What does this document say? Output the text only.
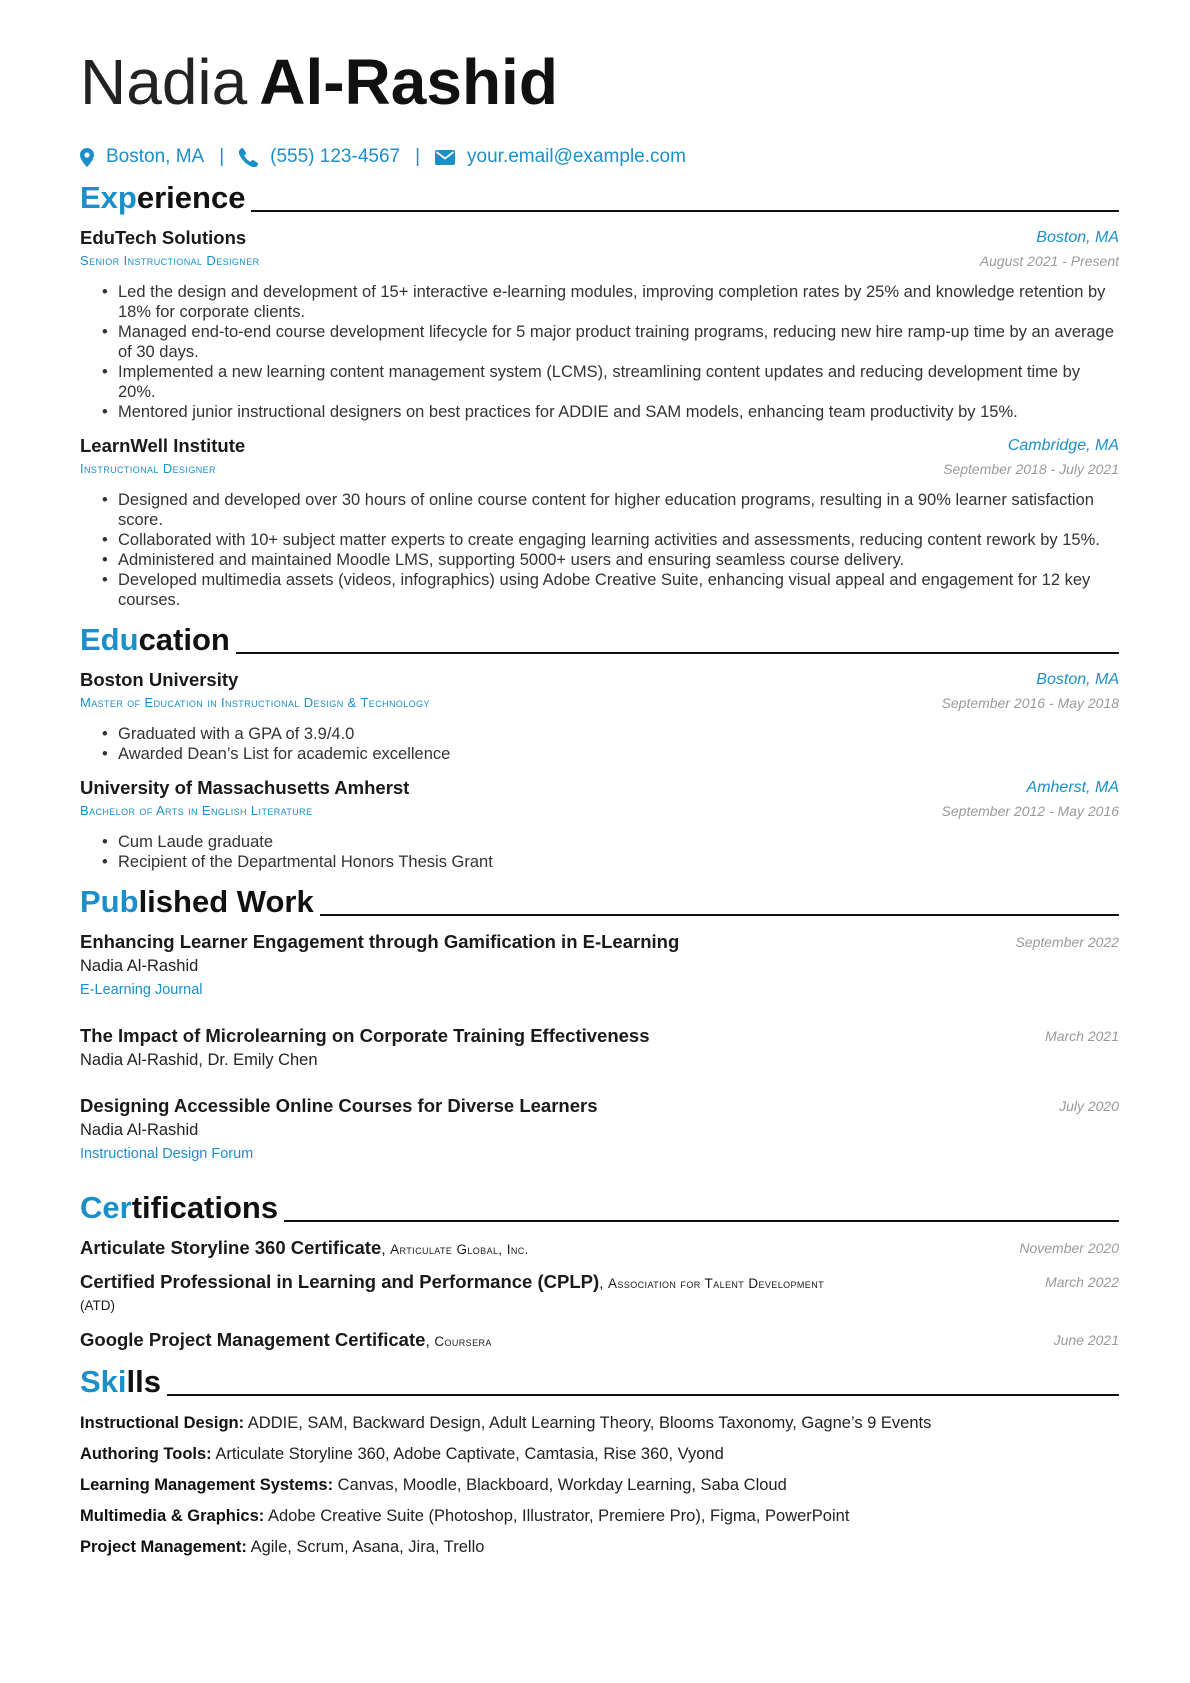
Nadia Al-Rashid
Boston, MA | (555) 123-4567 | your.email@example.com
Experience
EduTech Solutions
Senior Instructional Designer
Boston, MA
August 2021 - Present
• Led the design and development of 15+ interactive e-learning modules, improving completion rates by 25% and knowledge retention by 18% for corporate clients.
• Managed end-to-end course development lifecycle for 5 major product training programs, reducing new hire ramp-up time by an average of 30 days.
• Implemented a new learning content management system (LCMS), streamlining content updates and reducing development time by 20%.
• Mentored junior instructional designers on best practices for ADDIE and SAM models, enhancing team productivity by 15%.
LearnWell Institute
Instructional Designer
Cambridge, MA
September 2018 - July 2021
• Designed and developed over 30 hours of online course content for higher education programs, resulting in a 90% learner satisfaction score.
• Collaborated with 10+ subject matter experts to create engaging learning activities and assessments, reducing content rework by 15%.
• Administered and maintained Moodle LMS, supporting 5000+ users and ensuring seamless course delivery.
• Developed multimedia assets (videos, infographics) using Adobe Creative Suite, enhancing visual appeal and engagement for 12 key courses.
Education
Boston University
Master of Education in Instructional Design & Technology
Boston, MA
September 2016 - May 2018
• Graduated with a GPA of 3.9/4.0
• Awarded Dean’s List for academic excellence
University of Massachusetts Amherst
Bachelor of Arts in English Literature
Amherst, MA
September 2012 - May 2016
• Cum Laude graduate
• Recipient of the Departmental Honors Thesis Grant
Published Work
Enhancing Learner Engagement through Gamification in E-Learning
Nadia Al-Rashid
E-Learning Journal
September 2022
The Impact of Microlearning on Corporate Training Effectiveness
Nadia Al-Rashid, Dr. Emily Chen
March 2021
Designing Accessible Online Courses for Diverse Learners
Nadia Al-Rashid
Instructional Design Forum
July 2020
Certifications
Articulate Storyline 360 Certificate, Articulate Global, Inc.	November 2020
Certified Professional in Learning and Performance (CPLP), Association for Talent Development
(ATD)
March 2022
Google Project Management Certificate, Coursera	June 2021
Skills
Instructional Design: ADDIE, SAM, Backward Design, Adult Learning Theory, Blooms Taxonomy, Gagne’s 9 Events
Authoring Tools: Articulate Storyline 360, Adobe Captivate, Camtasia, Rise 360, Vyond
Learning Management Systems: Canvas, Moodle, Blackboard, Workday Learning, Saba Cloud
Multimedia & Graphics: Adobe Creative Suite (Photoshop, Illustrator, Premiere Pro), Figma, PowerPoint
Project Management: Agile, Scrum, Asana, Jira, Trello
